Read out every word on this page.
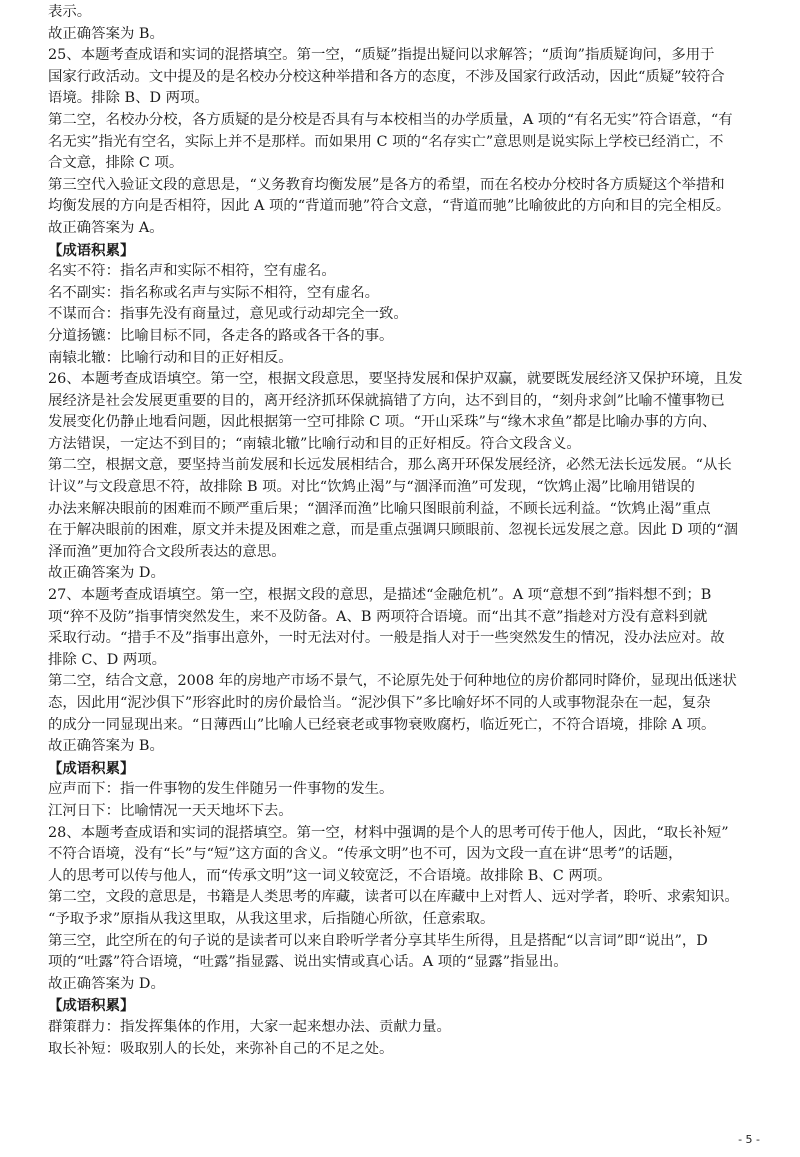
表示。

故正确答案为 B。

25、本题考查成语和实词的混搭填空。第一空，“质疑”指提出疑问以求解答；“质询”指质疑询问，多用于

国家行政活动。文中提及的是名校办分校这种举措和各方的态度，不涉及国家行政活动，因此“质疑”较符合

语境。排除 B、D 两项。

第二空，名校办分校，各方质疑的是分校是否具有与本校相当的办学质量，A 项的“有名无实”符合语意，“有

名无实”指光有空名，实际上并不是那样。而如果用 C 项的“名存实亡”意思则是说实际上学校已经消亡，不

合文意，排除 C 项。

第三空代入验证文段的意思是，“义务教育均衡发展”是各方的希望，而在名校办分校时各方质疑这个举措和

均衡发展的方向是否相符，因此 A 项的“背道而驰”符合文意，“背道而驰”比喻彼此的方向和目的完全相反。

故正确答案为 A。

【成语积累】

名实不符：指名声和实际不相符，空有虚名。

名不副实：指名称或名声与实际不相符，空有虚名。

不谋而合：指事先没有商量过，意见或行动却完全一致。

分道扬镳：比喻目标不同，各走各的路或各干各的事。

南辕北辙：比喻行动和目的正好相反。

26、本题考查成语填空。第一空，根据文段意思，要坚持发展和保护双赢，就要既发展经济又保护环境，且发

展经济是社会发展更重要的目的，离开经济抓环保就搞错了方向，达不到目的，“刻舟求剑”比喻不懂事物已

发展变化仍静止地看问题，因此根据第一空可排除 C 项。“开山采珠”与“缘木求鱼”都是比喻办事的方向、

方法错误，一定达不到目的；“南辕北辙”比喻行动和目的正好相反。符合文段含义。

第二空，根据文意，要坚持当前发展和长远发展相结合，那么离开环保发展经济，必然无法长远发展。“从长

计议”与文段意思不符，故排除 B 项。对比“饮鸩止渴”与“涸泽而渔”可发现，“饮鸩止渴”比喻用错误的

办法来解决眼前的困难而不顾严重后果；“涸泽而渔”比喻只图眼前利益，不顾长远利益。“饮鸩止渴”重点

在于解决眼前的困难，原文并未提及困难之意，而是重点强调只顾眼前、忽视长远发展之意。因此 D 项的“涸

泽而渔”更加符合文段所表达的意思。

故正确答案为 D。

27、本题考查成语填空。第一空，根据文段的意思，是描述“金融危机”。A 项“意想不到”指料想不到；B

项“猝不及防”指事情突然发生，来不及防备。A、B 两项符合语境。而“出其不意”指趁对方没有意料到就

采取行动。“措手不及”指事出意外，一时无法对付。一般是指人对于一些突然发生的情况，没办法应对。故

排除 C、D 两项。

第二空，结合文意，2008 年的房地产市场不景气，不论原先处于何种地位的房价都同时降价，显现出低迷状

态，因此用“泥沙俱下”形容此时的房价最恰当。“泥沙俱下”多比喻好坏不同的人或事物混杂在一起，复杂

的成分一同显现出来。“日薄西山”比喻人已经衰老或事物衰败腐朽，临近死亡，不符合语境，排除 A 项。

故正确答案为 B。

【成语积累】

应声而下：指一件事物的发生伴随另一件事物的发生。

江河日下：比喻情况一天天地坏下去。

28、本题考查成语和实词的混搭填空。第一空，材料中强调的是个人的思考可传于他人，因此，“取长补短”

不符合语境，没有“长”与“短”这方面的含义。“传承文明”也不可，因为文段一直在讲“思考”的话题，

人的思考可以传与他人，而“传承文明”这一词义较宽泛，不合语境。故排除 B、C 两项。

第二空，文段的意思是，书籍是人类思考的库藏，读者可以在库藏中上对哲人、远对学者，聆听、求索知识。

“予取予求”原指从我这里取，从我这里求，后指随心所欲，任意索取。

第三空，此空所在的句子说的是读者可以来自聆听学者分享其毕生所得，且是搭配“以言词”即“说出”，D

项的“吐露”符合语境，“吐露”指显露、说出实情或真心话。A 项的“显露”指显出。

故正确答案为 D。

【成语积累】

群策群力：指发挥集体的作用，大家一起来想办法、贡献力量。

取长补短：吸取别人的长处，来弥补自己的不足之处。

- 5 -
